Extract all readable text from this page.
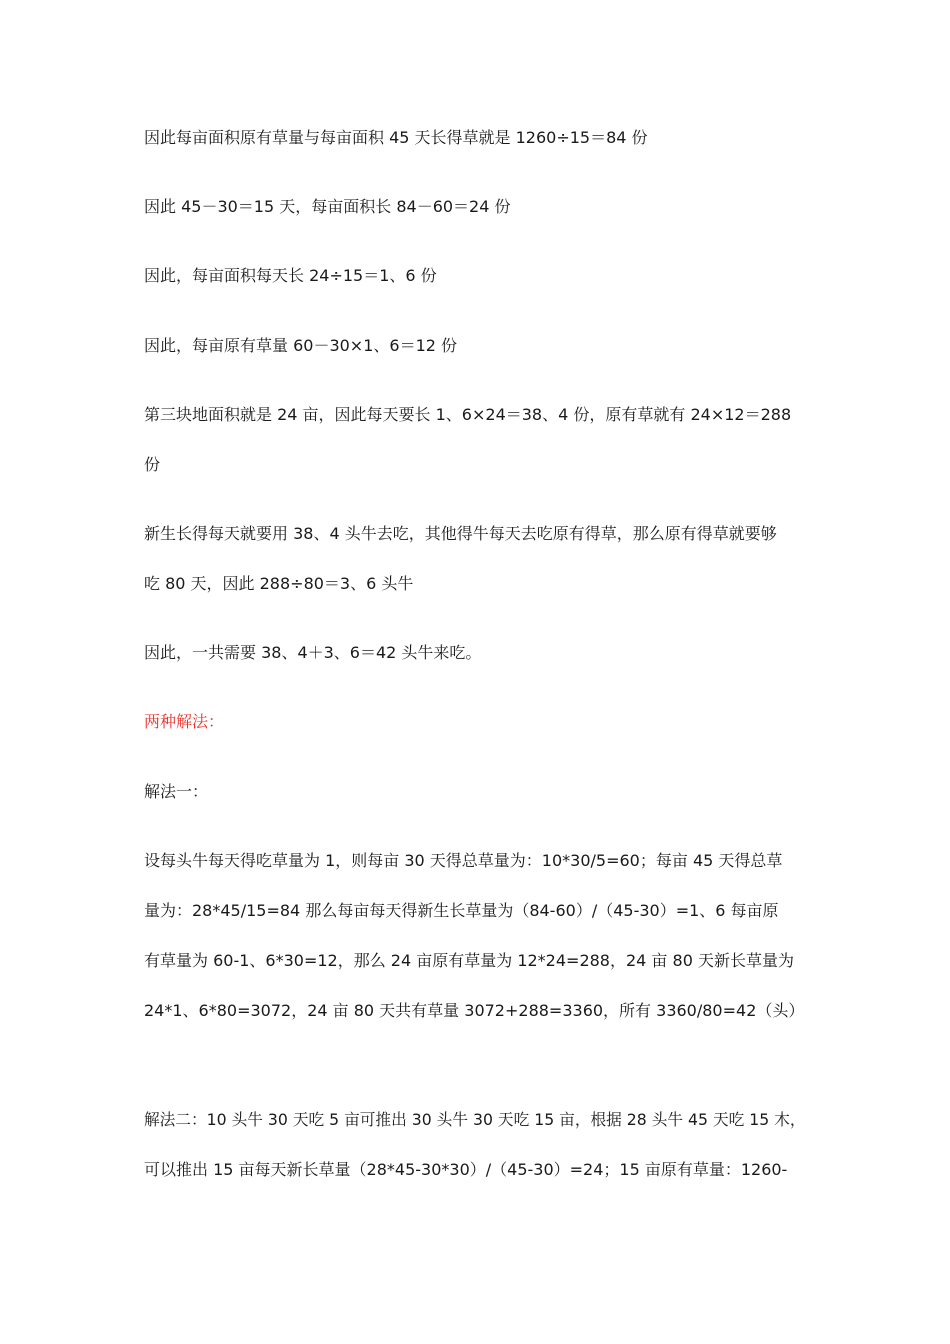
因此每亩面积原有草量与每亩面积 45 天长得草就是 1260÷15＝84 份

因此 45－30＝15 天，每亩面积长 84－60＝24 份

因此，每亩面积每天长 24÷15＝1、6 份

因此，每亩原有草量 60－30×1、6＝12 份

第三块地面积就是 24 亩，因此每天要长 1、6×24＝38、4 份，原有草就有 24×12＝288

份

新生长得每天就要用 38、4 头牛去吃，其他得牛每天去吃原有得草，那么原有得草就要够

吃 80 天，因此 288÷80＝3、6 头牛

因此，一共需要 38、4＋3、6＝42 头牛来吃。

两种解法：

解法一：

设每头牛每天得吃草量为 1，则每亩 30 天得总草量为：10*30/5=60；每亩 45 天得总草

量为：28*45/15=84 那么每亩每天得新生长草量为（84-60）/（45-30）=1、6 每亩原

有草量为 60-1、6*30=12，那么 24 亩原有草量为 12*24=288，24 亩 80 天新长草量为

24*1、6*80=3072，24 亩 80 天共有草量 3072+288=3360，所有 3360/80=42（头）

解法二：10 头牛 30 天吃 5 亩可推出 30 头牛 30 天吃 15 亩，根据 28 头牛 45 天吃 15 木，

可以推出 15 亩每天新长草量（28*45-30*30）/（45-30）=24；15 亩原有草量：1260-
